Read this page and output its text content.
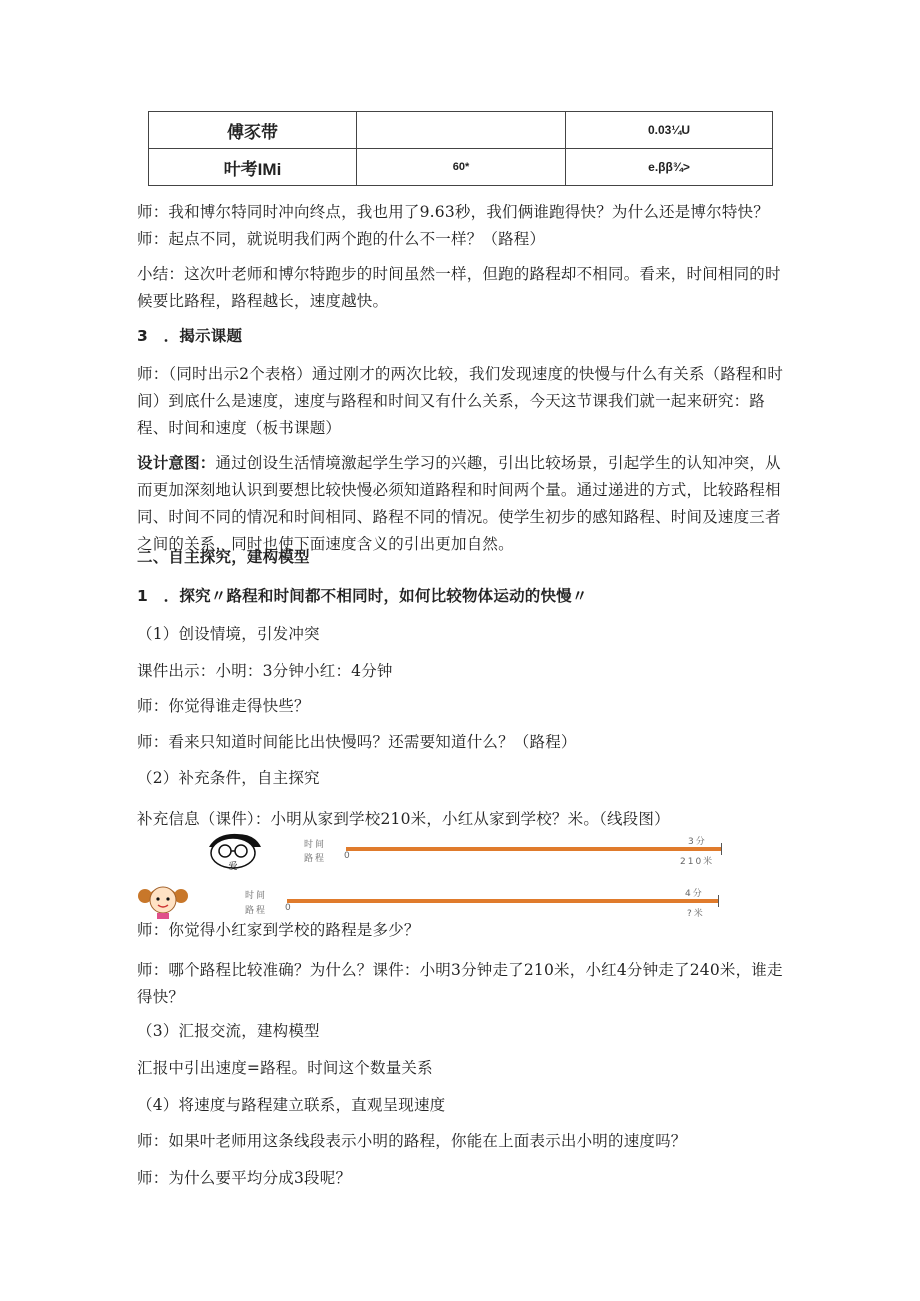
傅豕带		0.03¼U
叶考IMi	60*	e.ββ¾>

师：我和博尔特同时冲向终点，我也用了9.63秒，我们俩谁跑得快？为什么还是博尔特快？师：起点不同，就说明我们两个跑的什么不一样？（路程）

小结：这次叶老师和博尔特跑步的时间虽然一样，但跑的路程却不相同。看来，时间相同的时候要比路程，路程越长，速度越快。

3　．揭示课题

师：（同时出示2个表格）通过刚才的两次比较，我们发现速度的快慢与什么有关系（路程和时间）到底什么是速度，速度与路程和时间又有什么关系，今天这节课我们就一起来研究：路程、时间和速度（板书课题）

设计意图：通过创设生活情境激起学生学习的兴趣，引出比较场景，引起学生的认知冲突，从而更加深刻地认识到要想比较快慢必须知道路程和时间两个量。通过递进的方式，比较路程相同、时间不同的情况和时间相同、路程不同的情况。使学生初步的感知路程、时间及速度三者之间的关系，同时也使下面速度含义的引出更加自然。

二、自主探究，建构模型

1　．探究〃路程和时间都不相同时，如何比较物体运动的快慢〃

（1）创设情境，引发冲突

课件出示：小明：3分钟小红：4分钟

师：你觉得谁走得快些？

师：看来只知道时间能比出快慢吗？还需要知道什么？（路程）

（2）补充条件，自主探究

补充信息（课件）：小明从家到学校210米，小红从家到学校？米。（线段图）

爱
时间
路程 0
3分
210米
时间
路程 0
4分
?米

师：你觉得小红家到学校的路程是多少？

师：哪个路程比较准确？为什么？课件：小明3分钟走了210米，小红4分钟走了240米，谁走得快？

（3）汇报交流，建构模型

汇报中引出速度=路程。时间这个数量关系

（4）将速度与路程建立联系，直观呈现速度

师：如果叶老师用这条线段表示小明的路程，你能在上面表示出小明的速度吗？

师：为什么要平均分成3段呢？
